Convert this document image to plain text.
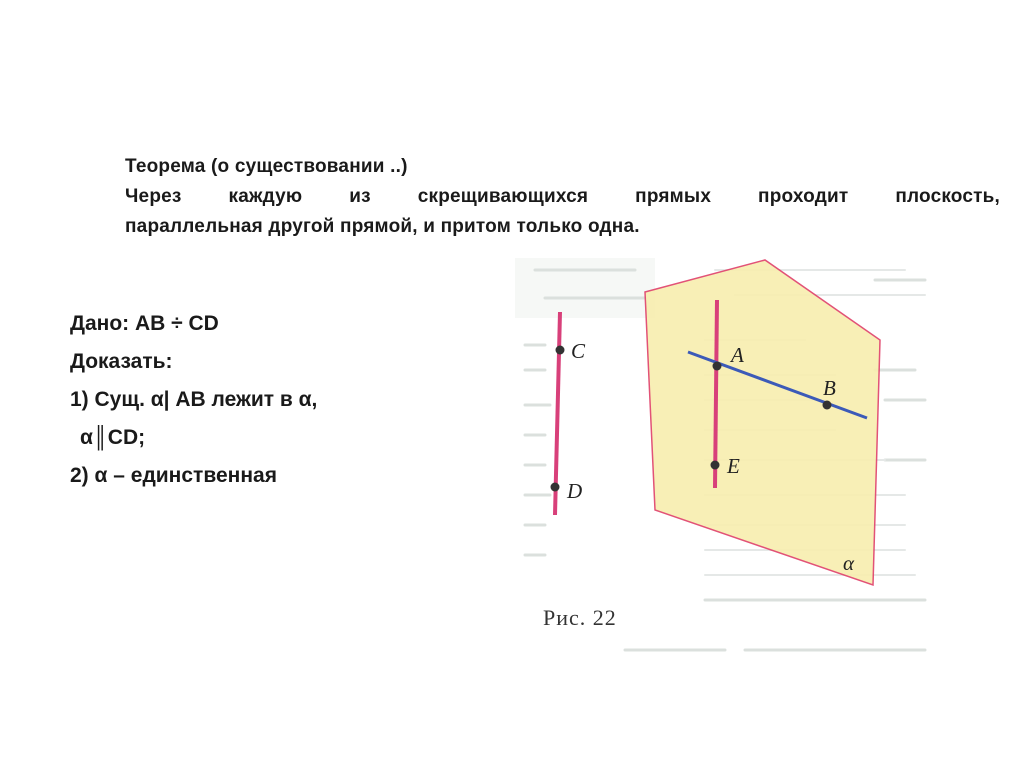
Теорема (о существовании ..)
Через каждую из скрещивающихся прямых проходит плоскость,
параллельная другой прямой, и притом только одна.
Дано: AB ÷ CD
Доказать:
1) Сущ. α| AB лежит в α,
α║CD;
2) α – единственная
C
D
A
B
E
α
Рис. 22
